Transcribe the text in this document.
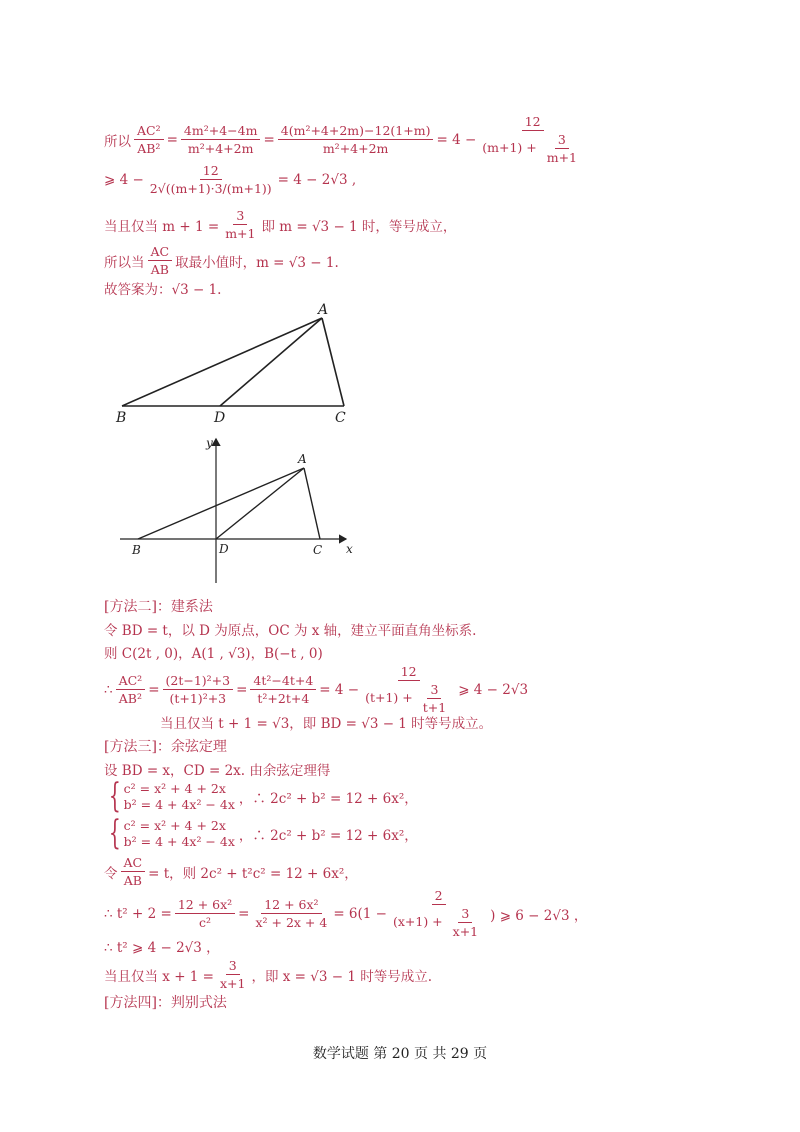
所以 $\frac{\text{AC²}}{\text{AB²}} = \frac{\text{4m²+4−4m}}{\text{m²+4+2m}} = \frac{\text{4(m²+4+2m)−12(1+m)}}{\text{m²+4+2m}} = 4 - \frac{12}{(m+1) + \frac{3}{m+1}}$
⩾ $4 - \frac{12}{2√((m+1)\cdot 3/(m+1))} = 4 - 2√3$ ,
当且仅当 $m + 1 = \frac{3}{m+1}$ 即 m = √3 − 1 时，等号成立，
所以当 $\frac{AC}{AB}$ 取最小值时，m = √3 − 1.
故答案为：√3 − 1.
A
B	D	C
y
A
B	D	C x
[方法二]：建系法
令 BD = t，以 D 为原点，OC 为 x 轴，建立平面直角坐标系.
则 C(2t , 0)，A(1 , √3)，B(−t , 0)
∴ $\frac{\text{AC²}}{\text{AB²}} = \frac{\text{(2t−1)²+3}}{\text{(t+1)²+3}} = \frac{\text{4t²−4t+4}}{\text{t²+2t+4}} = 4 - \frac{12}{(t+1) + \frac{3}{t+1}}$ ⩾ 4 − 2√3
当且仅当 t + 1 = √3，即 BD = √3 − 1 时等号成立。
[方法三]：余弦定理
设 BD = x，CD = 2x. 由余弦定理得
{ c² = x² + 4 + 2x
b² = 4 + 4x² − 4x ，∴ 2c² + b² = 12 + 6x²，
{ c² = x² + 4 + 2x
b² = 4 + 4x² − 4x ，∴ 2c² + b² = 12 + 6x²，
令 $\frac{AC}{AB} = t$，则 2c² + t²c² = 12 + 6x²，
∴ $t^2 + 2 = \frac{\text{12 + 6x²}}{\text{c²}} = \frac{\text{12 + 6x²}}{\text{x² + 2x + 4}} = 6(1 - \frac{2}{(x+1) + \frac{3}{x+1}}$ ) ⩾ 6 − 2√3 ，
∴ t² ⩾ 4 − 2√3 ，
当且仅当 $x + 1 = \frac{3}{x+1}$ ，即 x = √3 − 1 时等号成立.
[方法四]：判别式法
数学试题 第 20 页 共 29 页
